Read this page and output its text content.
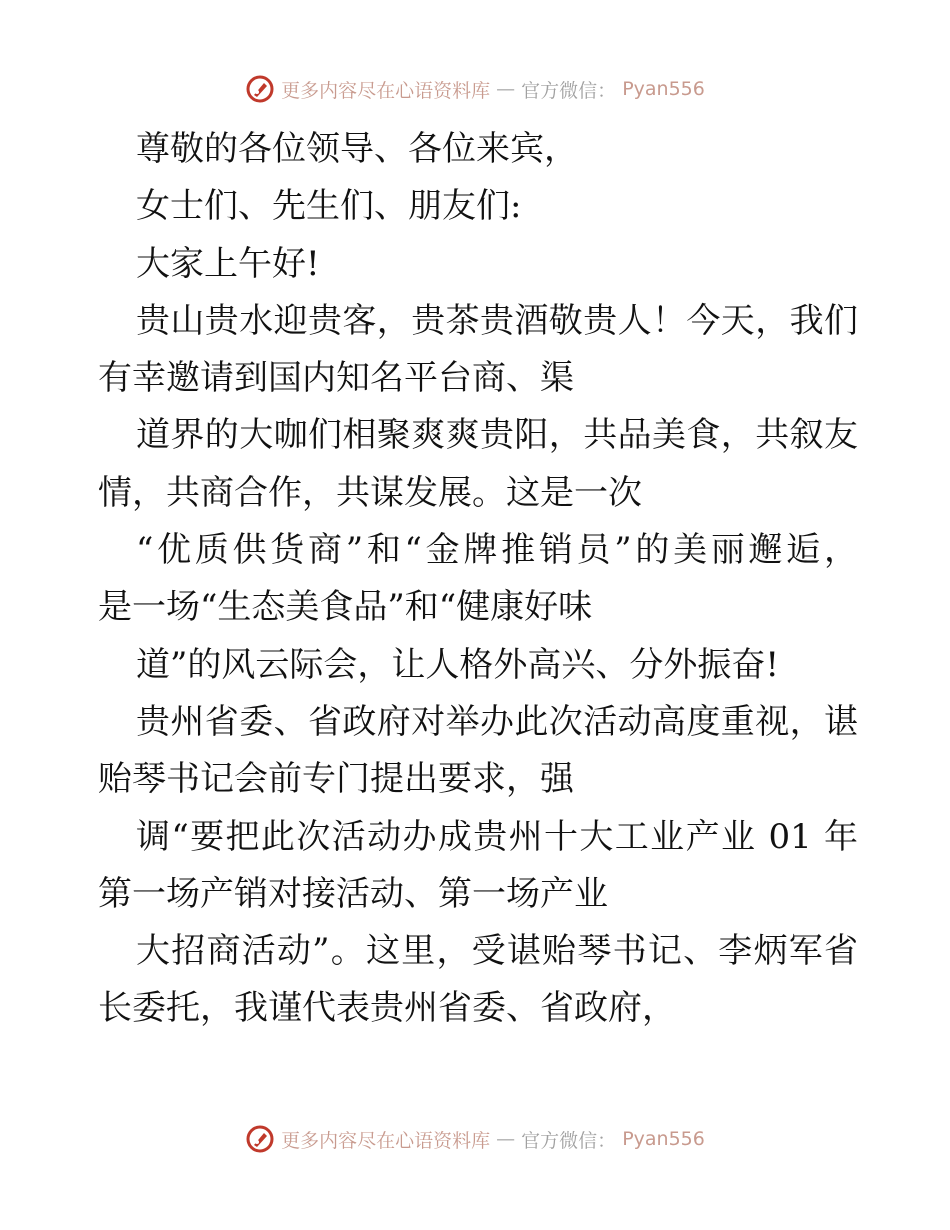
更多内容尽在心语资料库 — 官方微信： Pyan556
尊敬的各位领导、各位来宾，
女士们、先生们、朋友们:
大家上午好!
贵山贵水迎贵客，贵茶贵酒敬贵人！今天，我们
有幸邀请到国内知名平台商、渠
道界的大咖们相聚爽爽贵阳，共品美食，共叙友
情，共商合作，共谋发展。这是一次
“优质供货商”和“金牌推销员”的美丽邂逅，
是一场“生态美食品”和“健康好味
道”的风云际会，让人格外高兴、分外振奋!
贵州省委、省政府对举办此次活动高度重视，谌
贻琴书记会前专门提出要求，强
调“要把此次活动办成贵州十大工业产业 01 年
第一场产销对接活动、第一场产业
大招商活动”。这里，受谌贻琴书记、李炳军省
长委托，我谨代表贵州省委、省政府，
更多内容尽在心语资料库 — 官方微信： Pyan556
